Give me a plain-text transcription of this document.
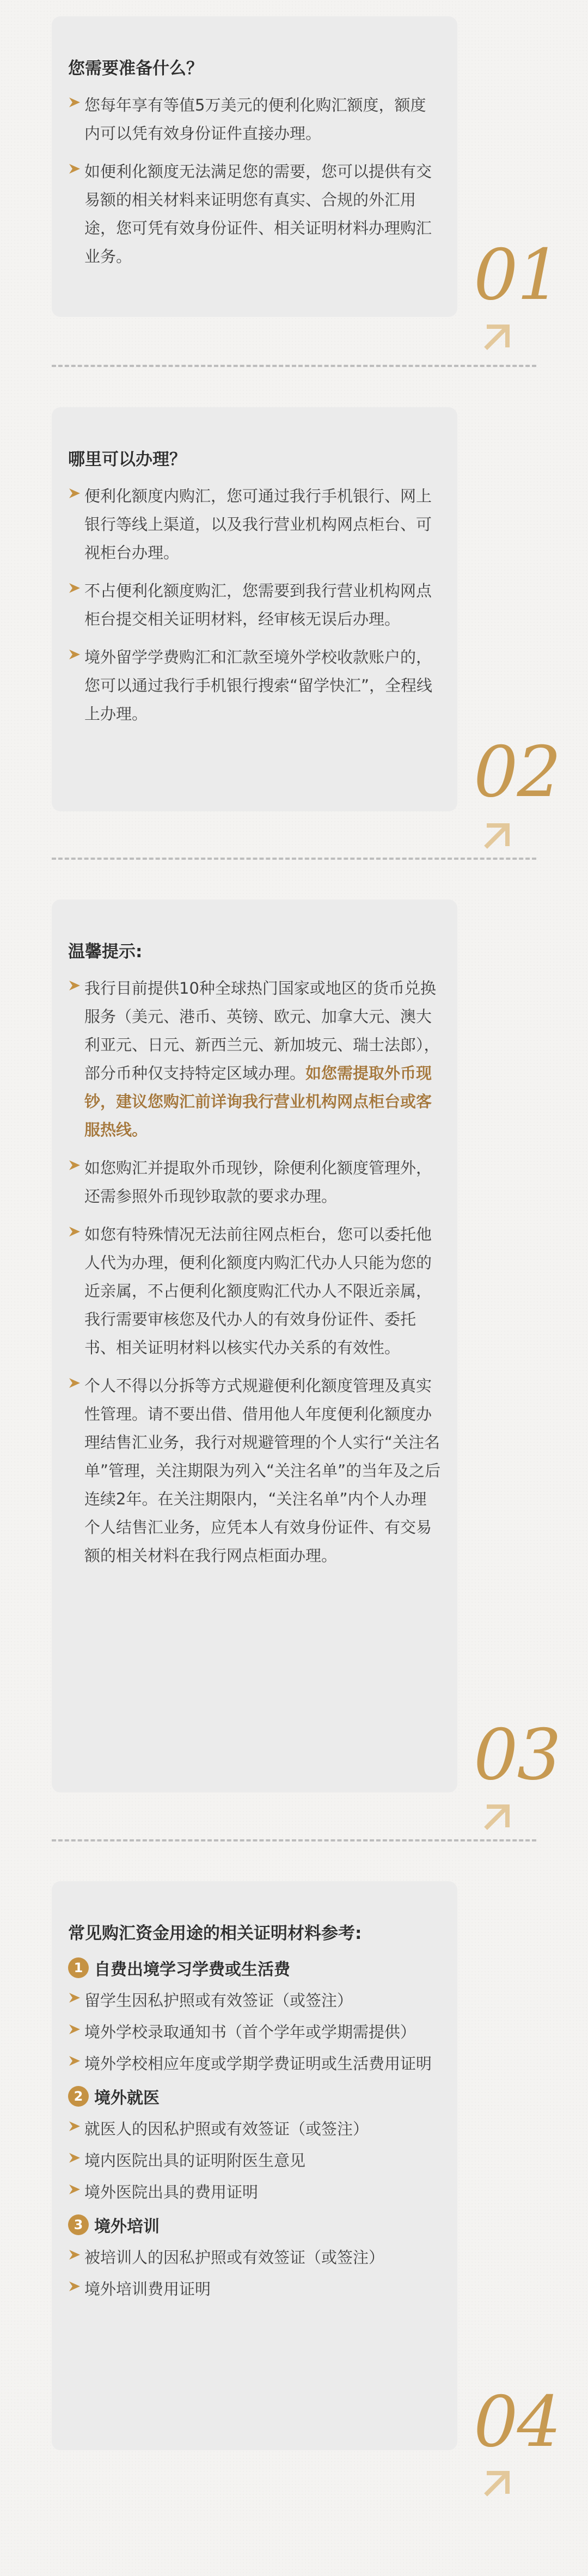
您需要准备什么？
您每年享有等值5万美元的便利化购汇额度，额度内可以凭有效身份证件直接办理。
如便利化额度无法满足您的需要，您可以提供有交易额的相关材料来证明您有真实、合规的外汇用途，您可凭有效身份证件、相关证明材料办理购汇业务。	01
哪里可以办理？
便利化额度内购汇，您可通过我行手机银行、网上银行等线上渠道，以及我行营业机构网点柜台、可视柜台办理。
不占便利化额度购汇，您需要到我行营业机构网点柜台提交相关证明材料，经审核无误后办理。
境外留学学费购汇和汇款至境外学校收款账户的，您可以通过我行手机银行搜索“留学快汇”，全程线上办理。
02
温馨提示:
我行目前提供10种全球热门国家或地区的货币兑换服务（美元、港币、英镑、欧元、加拿大元、澳大利亚元、日元、新西兰元、新加坡元、瑞士法郎），部分币种仅支持特定区域办理。如您需提取外币现钞，建议您购汇前详询我行营业机构网点柜台或客服热线。
如您购汇并提取外币现钞，除便利化额度管理外，还需参照外币现钞取款的要求办理。
如您有特殊情况无法前往网点柜台，您可以委托他人代为办理，便利化额度内购汇代办人只能为您的近亲属，不占便利化额度购汇代办人不限近亲属，我行需要审核您及代办人的有效身份证件、委托书、相关证明材料以核实代办关系的有效性。
个人不得以分拆等方式规避便利化额度管理及真实性管理。请不要出借、借用他人年度便利化额度办理结售汇业务，我行对规避管理的个人实行“关注名单”管理，关注期限为列入“关注名单”的当年及之后连续2年。在关注期限内，“关注名单”内个人办理个人结售汇业务，应凭本人有效身份证件、有交易额的相关材料在我行网点柜面办理。
03
常见购汇资金用途的相关证明材料参考:
1 自费出境学习学费或生活费
留学生因私护照或有效签证（或签注）
境外学校录取通知书（首个学年或学期需提供）
境外学校相应年度或学期学费证明或生活费用证明
2 境外就医
就医人的因私护照或有效签证（或签注）
境内医院出具的证明附医生意见
境外医院出具的费用证明
3 境外培训
被培训人的因私护照或有效签证（或签注）
境外培训费用证明
04
